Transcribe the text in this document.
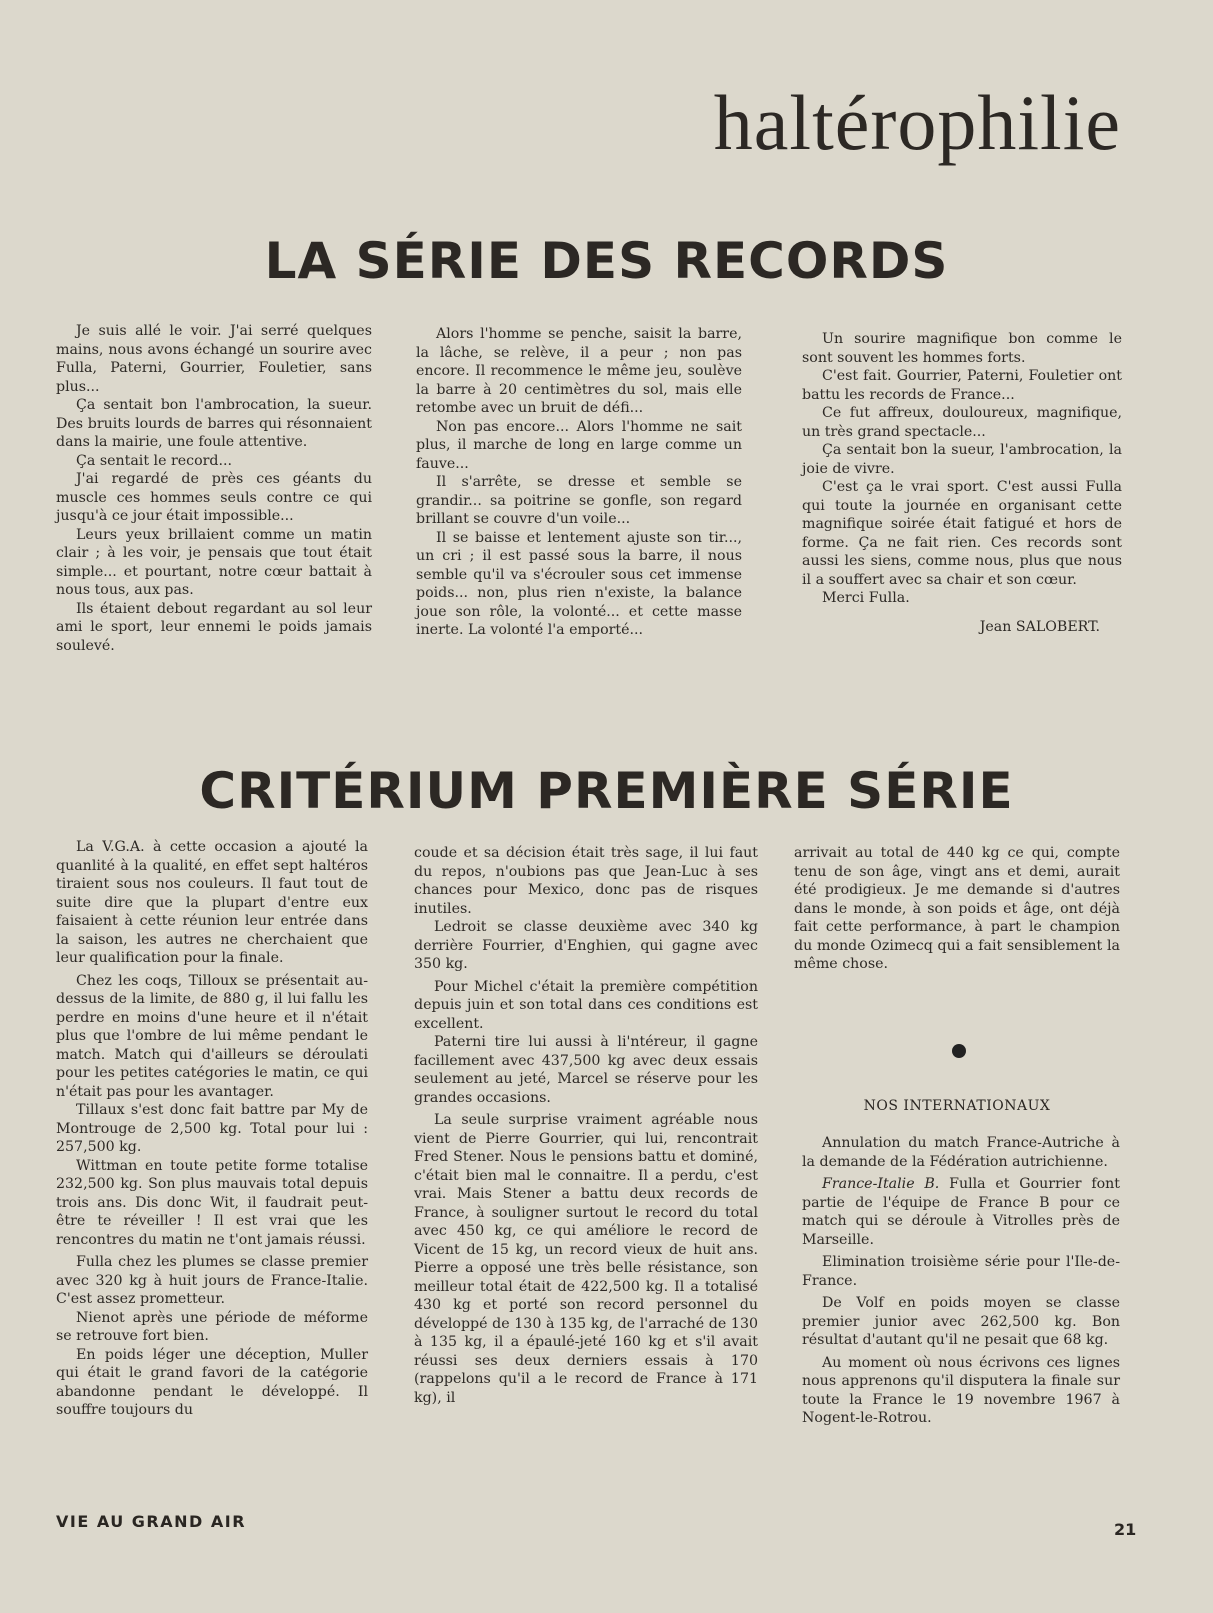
haltérophilie
LA SÉRIE DES RECORDS

Je suis allé le voir. J'ai serré quelques mains, nous avons échangé un sourire avec Fulla, Paterni, Gourrier, Fouletier, sans plus...

Ça sentait bon l'ambrocation, la sueur. Des bruits lourds de barres qui résonnaient dans la mairie, une foule attentive.

Ça sentait le record...

J'ai regardé de près ces géants du muscle ces hommes seuls contre ce qui jusqu'à ce jour était impossible...

Leurs yeux brillaient comme un matin clair ; à les voir, je pensais que tout était simple... et pourtant, notre cœur battait à nous tous, aux pas.

Ils étaient debout regardant au sol leur ami le sport, leur ennemi le poids jamais soulevé.

Alors l'homme se penche, saisit la barre, la lâche, se relève, il a peur ; non pas encore. Il recommence le même jeu, soulève la barre à 20 centimètres du sol, mais elle retombe avec un bruit de défi...

Non pas encore... Alors l'homme ne sait plus, il marche de long en large comme un fauve...

Il s'arrête, se dresse et semble se grandir... sa poitrine se gonfle, son regard brillant se couvre d'un voile...

Il se baisse et lentement ajuste son tir..., un cri ; il est passé sous la barre, il nous semble qu'il va s'écrouler sous cet immense poids... non, plus rien n'existe, la balance joue son rôle, la volonté... et cette masse inerte. La volonté l'a emporté...

Un sourire magnifique bon comme le sont souvent les hommes forts.

C'est fait. Gourrier, Paterni, Fouletier ont battu les records de France...

Ce fut affreux, douloureux, magnifique, un très grand spectacle...

Ça sentait bon la sueur, l'ambrocation, la joie de vivre.

C'est ça le vrai sport. C'est aussi Fulla qui toute la journée en organisant cette magnifique soirée était fatigué et hors de forme. Ça ne fait rien. Ces records sont aussi les siens, comme nous, plus que nous il a souffert avec sa chair et son cœur.

Merci Fulla.

Jean SALOBERT.
CRITÉRIUM PREMIÈRE SÉRIE

La V.G.A. à cette occasion a ajouté la quanlité à la qualité, en effet sept haltéros tiraient sous nos couleurs. Il faut tout de suite dire que la plupart d'entre eux faisaient à cette réunion leur entrée dans la saison, les autres ne cherchaient que leur qualification pour la finale.

Chez les coqs, Tilloux se présentait au-dessus de la limite, de 880 g, il lui fallu les perdre en moins d'une heure et il n'était plus que l'ombre de lui même pendant le match. Match qui d'ailleurs se déroulati pour les petites catégories le matin, ce qui n'était pas pour les avantager.

Tillaux s'est donc fait battre par My de Montrouge de 2,500 kg. Total pour lui : 257,500 kg.

Wittman en toute petite forme totalise 232,500 kg. Son plus mauvais total depuis trois ans. Dis donc Wit, il faudrait peut-être te réveiller ! Il est vrai que les rencontres du matin ne t'ont jamais réussi.

Fulla chez les plumes se classe premier avec 320 kg à huit jours de France-Italie. C'est assez prometteur.

Nienot après une période de méforme se retrouve fort bien.

En poids léger une déception, Muller qui était le grand favori de la catégorie abandonne pendant le développé. Il souffre toujours du

coude et sa décision était très sage, il lui faut du repos, n'oubions pas que Jean-Luc à ses chances pour Mexico, donc pas de risques inutiles.

Ledroit se classe deuxième avec 340 kg derrière Fourrier, d'Enghien, qui gagne avec 350 kg.

Pour Michel c'était la première compétition depuis juin et son total dans ces conditions est excellent.

Paterni tire lui aussi à li'ntéreur, il gagne facillement avec 437,500 kg avec deux essais seulement au jeté, Marcel se réserve pour les grandes occasions.

La seule surprise vraiment agréable nous vient de Pierre Gourrier, qui lui, rencontrait Fred Stener. Nous le pensions battu et dominé, c'était bien mal le connaitre. Il a perdu, c'est vrai. Mais Stener a battu deux records de France, à souligner surtout le record du total avec 450 kg, ce qui améliore le record de Vicent de 15 kg, un record vieux de huit ans. Pierre a opposé une très belle résistance, son meilleur total était de 422,500 kg. Il a totalisé 430 kg et porté son record personnel du développé de 130 à 135 kg, de l'arraché de 130 à 135 kg, il a épaulé-jeté 160 kg et s'il avait réussi ses deux derniers essais à 170 (rappelons qu'il a le record de France à 171 kg), il

arrivait au total de 440 kg ce qui, compte tenu de son âge, vingt ans et demi, aurait été prodigieux. Je me demande si d'autres dans le monde, à son poids et âge, ont déjà fait cette performance, à part le champion du monde Ozimecq qui a fait sensiblement la même chose.

NOS INTERNATIONAUX

Annulation du match France-Autriche à la demande de la Fédération autrichienne.

France-Italie B. Fulla et Gourrier font partie de l'équipe de France B pour ce match qui se déroule à Vitrolles près de Marseille.

Elimination troisième série pour l'Ile-de-France.

De Volf en poids moyen se classe premier junior avec 262,500 kg. Bon résultat d'autant qu'il ne pesait que 68 kg.

Au moment où nous écrivons ces lignes nous apprenons qu'il disputera la finale sur toute la France le 19 novembre 1967 à Nogent-le-Rotrou.

VIE AU GRAND AIR	21
